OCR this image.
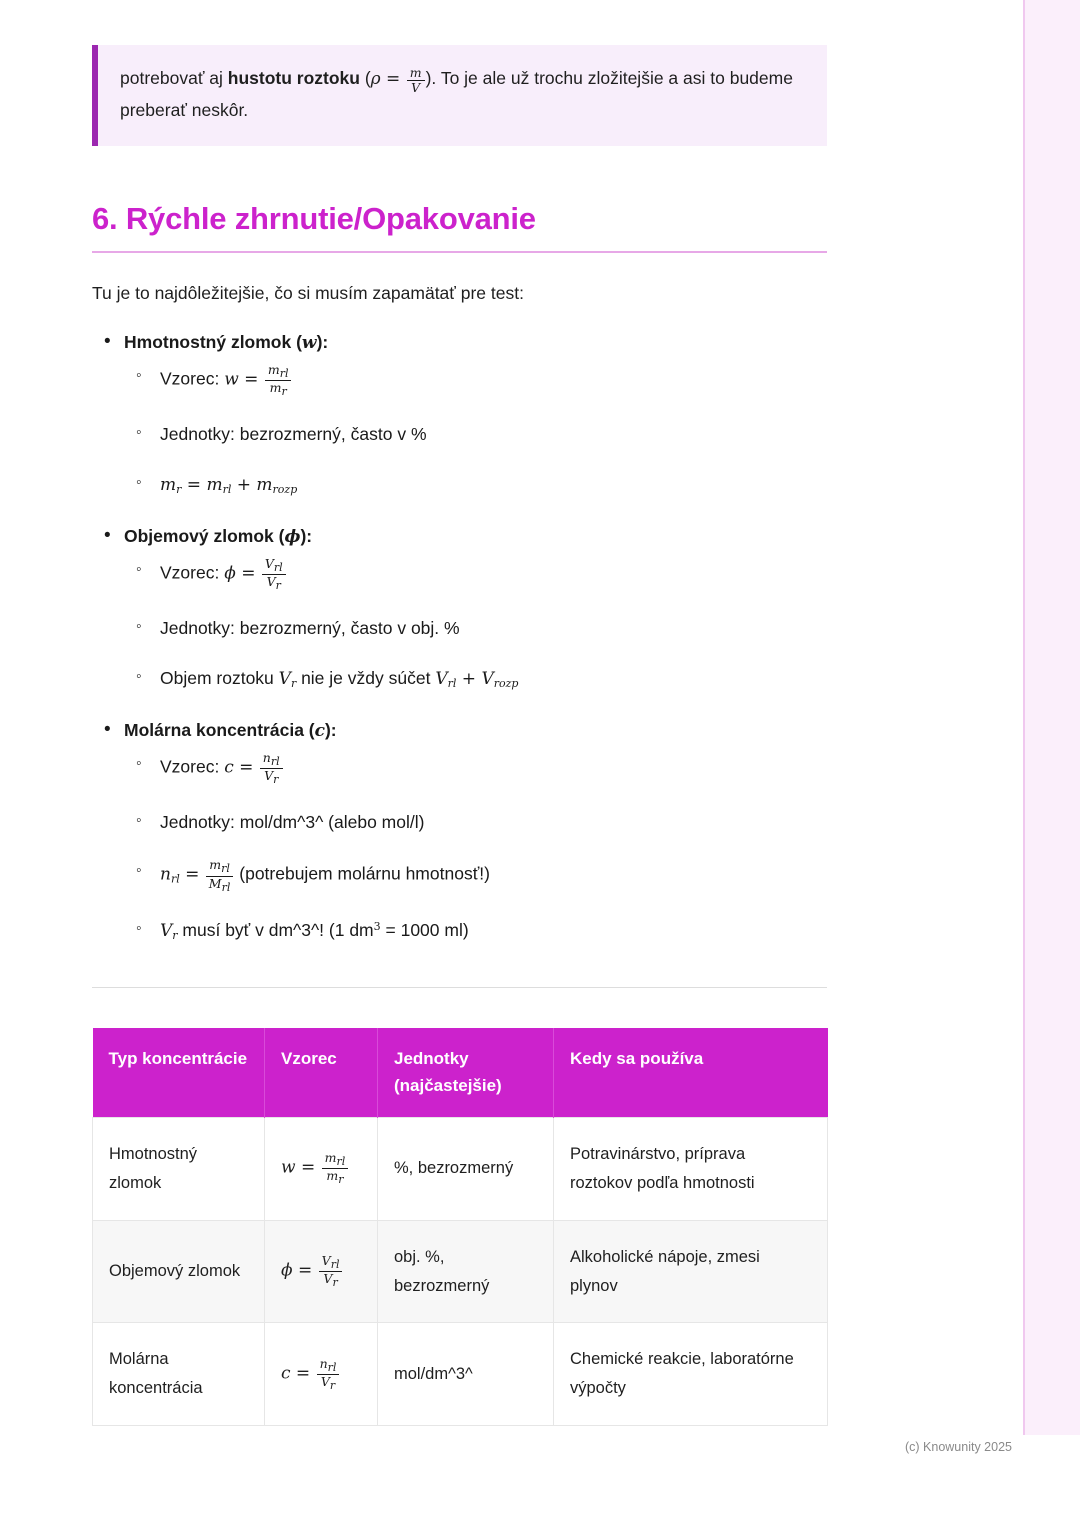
potrebovať aj hustotu roztoku ($\rho = \frac{m}{V}$ ). To je ale už trochu zložitejšie a asi to budeme preberať neskôr.

6. Rýchle zhrnutie/Opakovanie

Tu je to najdôležitejšie, čo si musím zapamätať pre test:

• Hmotnostný zlomok (w):
◦ Vzorec: $w = \frac{m_{rl}}{m_r}$
◦ Jednotky: bezrozmerný, často v %
◦ $m_r = m_{rl} + m_{rozp}$
• Objemový zlomok (ϕ):
◦ Vzorec: $\phi = \frac{V_{rl}}{V_r}$
◦ Jednotky: bezrozmerný, často v obj. %
◦ Objem roztoku $V_r$ nie je vždy súčet $V_{rl} + V_{rozp}$
• Molárna koncentrácia (c):
◦ Vzorec: $c = \frac{n_{rl}}{V_r}$
◦ Jednotky: mol/dm^3^ (alebo mol/l)
◦ $n_{rl} = \frac{m_{rl}}{M_{rl}}$ (potrebujem molárnu hmotnosť!)
◦ $V_r$ musí byť v dm^3^! (1 $dm^3 = 1000$ ml)
Typ koncentrácie	Vzorec	Jednotky (najčastejšie)	Kedy sa používa
Hmotnostný zlomok	$w = \frac{m_{rl}}{m_r}$	%, bezrozmerný	Potravinárstvo, príprava roztokov podľa hmotnosti
Objemový zlomok	$\phi = \frac{V_{rl}}{V_r}$	obj. %, bezrozmerný	Alkoholické nápoje, zmesi plynov
Molárna koncentrácia	$c = \frac{n_{rl}}{V_r}$	mol/dm^3^	Chemické reakcie, laboratórne výpočty
(c) Knowunity 2025
